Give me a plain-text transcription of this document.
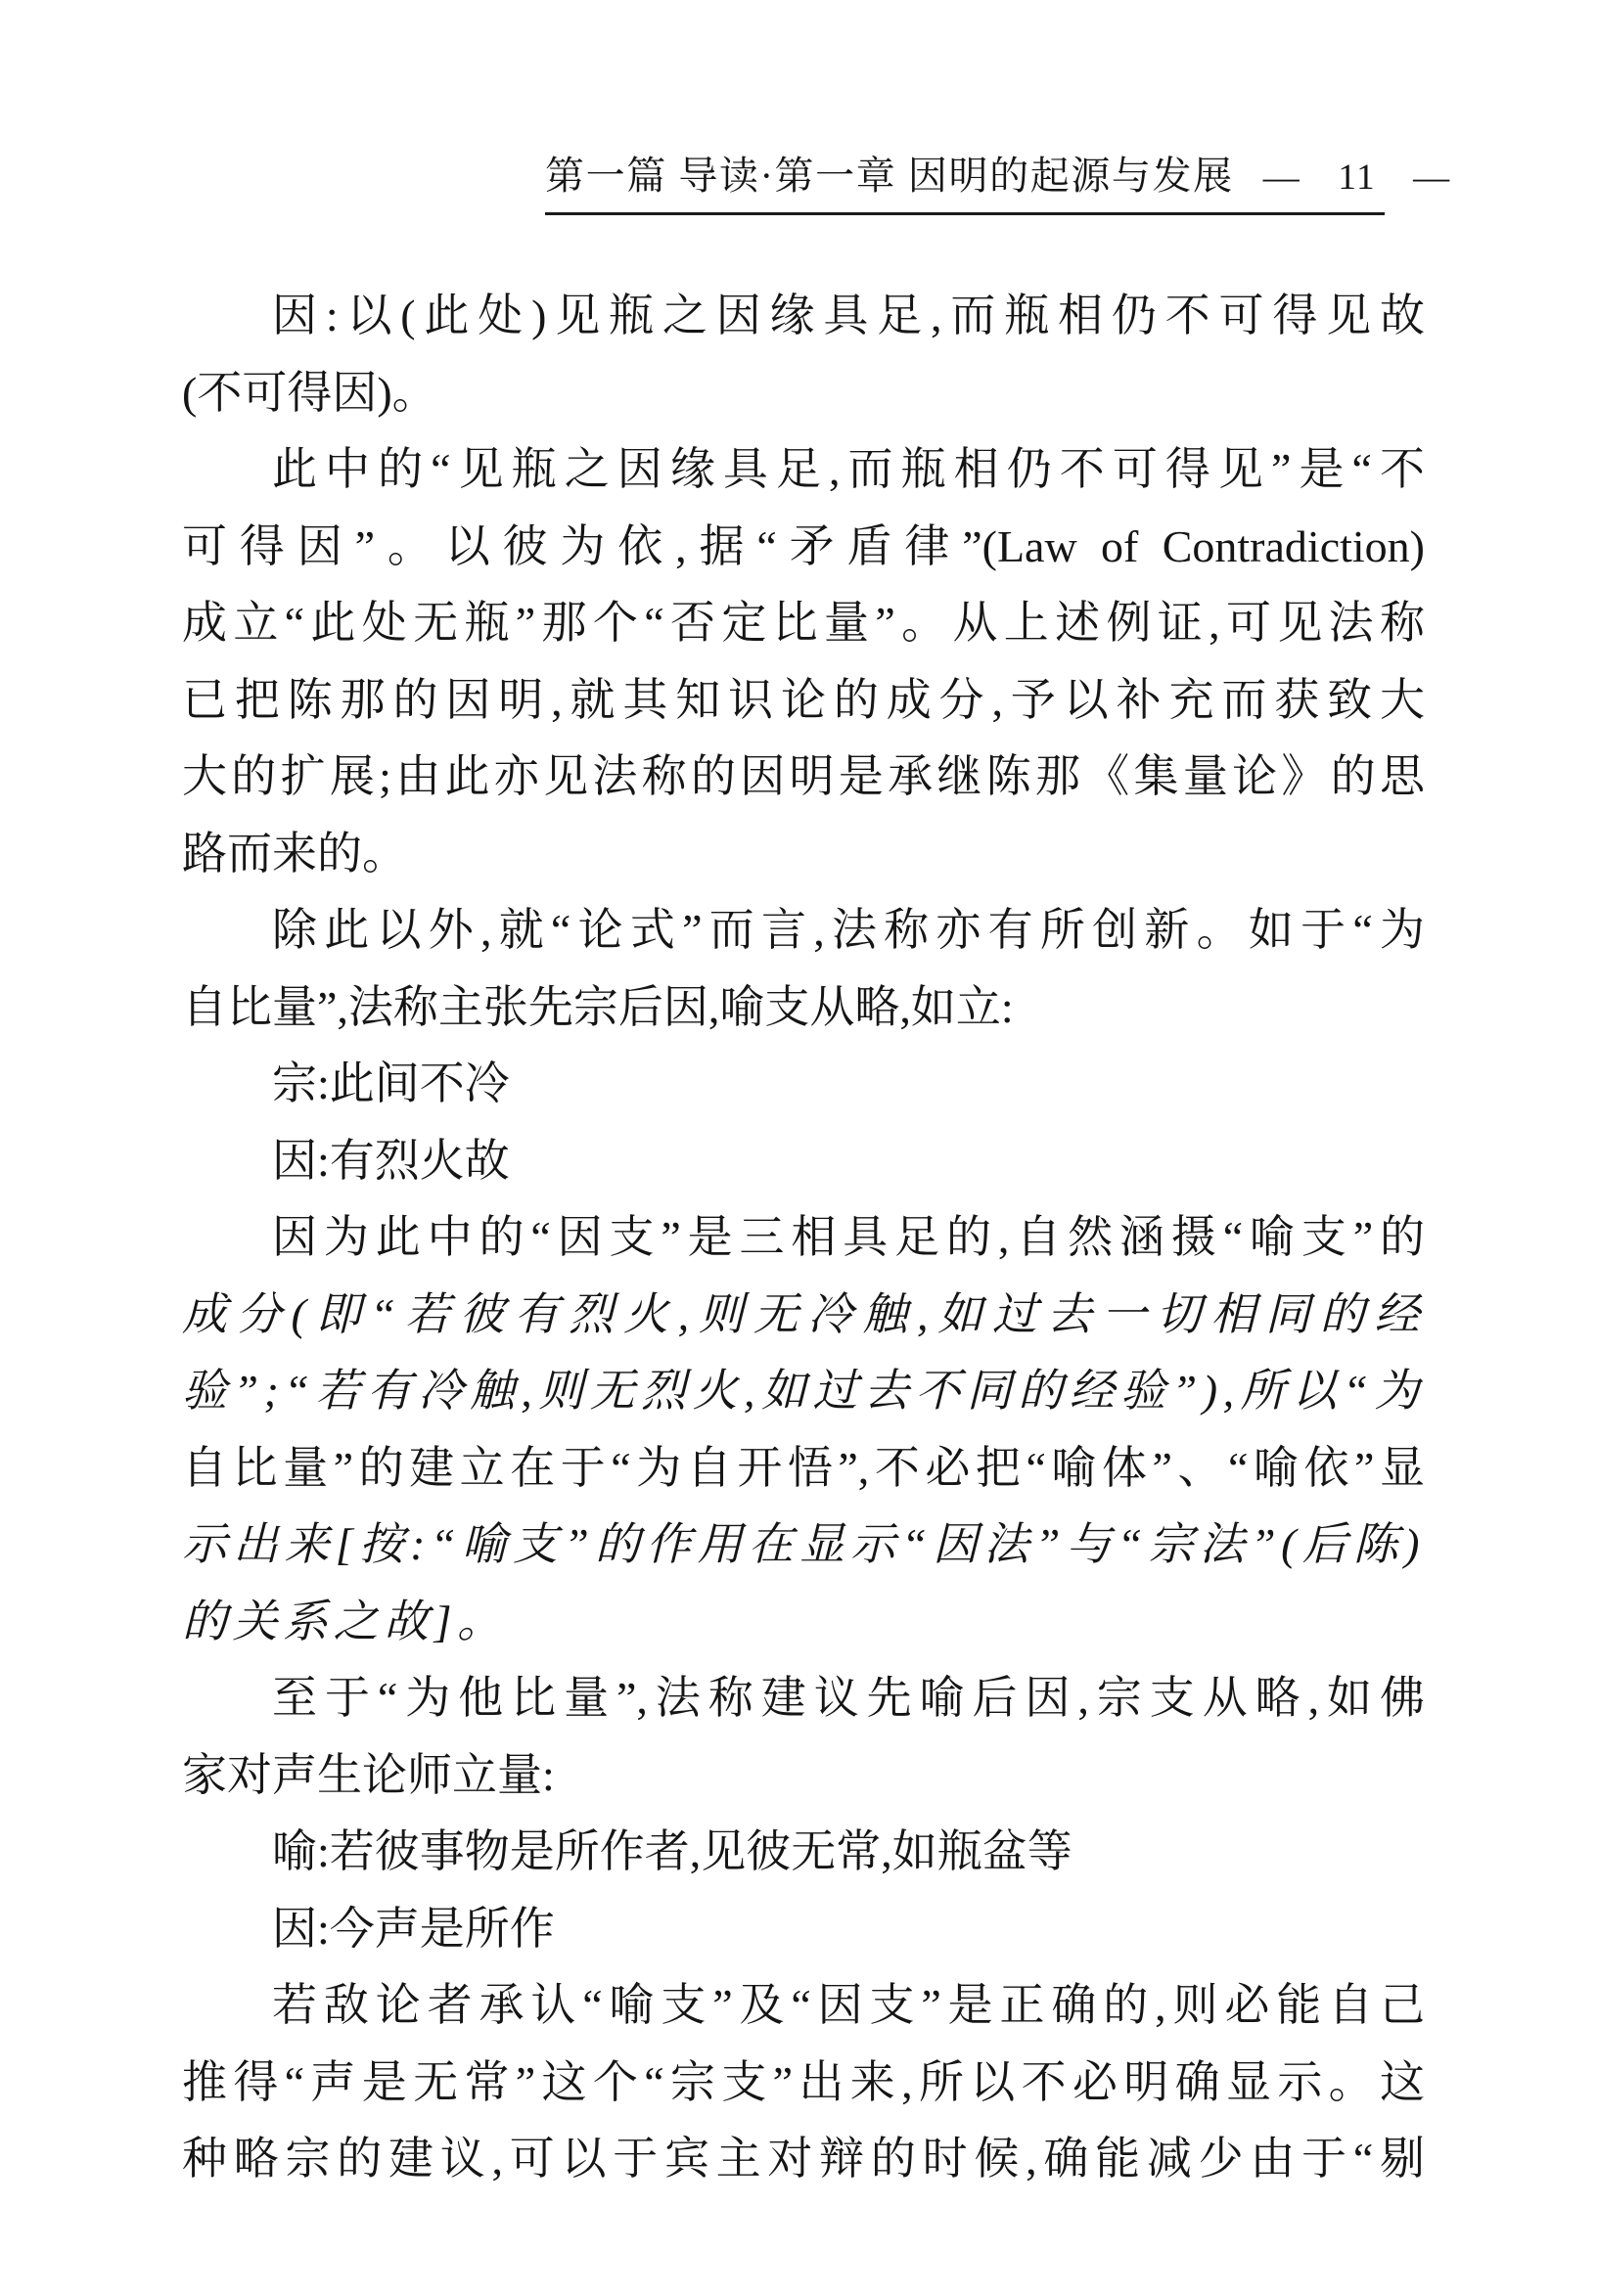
第一篇 导读·第一章 因明的起源与发展 — 11 —

因:以(此处)见瓶之因缘具足,而瓶相仍不可得见故

(不可得因)。

此中的“见瓶之因缘具足,而瓶相仍不可得见”是“不

可得因”。以彼为依,据“矛盾律”(Law of Contradiction)

成立“此处无瓶”那个“否定比量”。从上述例证,可见法称

已把陈那的因明,就其知识论的成分,予以补充而获致大

大的扩展;由此亦见法称的因明是承继陈那《集量论》的思

路而来的。

除此以外,就“论式”而言,法称亦有所创新。如于“为

自比量”,法称主张先宗后因,喻支从略,如立:

宗:此间不冷

因:有烈火故

因为此中的“因支”是三相具足的,自然涵摄“喻支”的

成分(即“若彼有烈火,则无冷触,如过去一切相同的经

验”;“若有冷触,则无烈火,如过去不同的经验”),所以“为

自比量”的建立在于“为自开悟”,不必把“喻体”、“喻依”显

示出来[按:“喻支”的作用在显示“因法”与“宗法”(后陈)

的关系之故]。

至于“为他比量”,法称建议先喻后因,宗支从略,如佛

家对声生论师立量:

喻:若彼事物是所作者,见彼无常,如瓶盆等

因:今声是所作

若敌论者承认“喻支”及“因支”是正确的,则必能自己

推得“声是无常”这个“宗支”出来,所以不必明确显示。这

种略宗的建议,可以于宾主对辩的时候,确能减少由于“剔
